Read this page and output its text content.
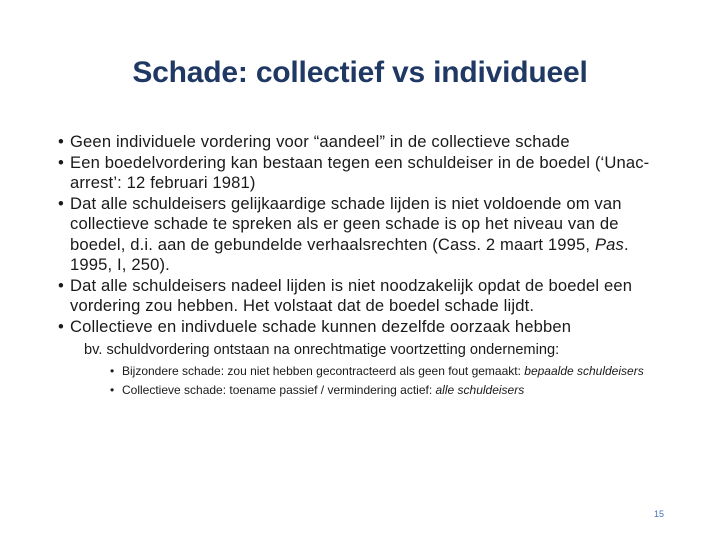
Schade: collectief vs individueel
• Geen individuele vordering voor “aandeel” in de collectieve schade
• Een boedelvordering kan bestaan tegen een schuldeiser in de boedel (‘Unac-arrest’: 12 februari 1981)
• Dat alle schuldeisers gelijkaardige schade lijden is niet voldoende om van collectieve schade te spreken als er geen schade is op het niveau van de boedel, d.i. aan de gebundelde verhaalsrechten (Cass. 2 maart 1995, Pas. 1995, I, 250).
• Dat alle schuldeisers nadeel lijden is niet noodzakelijk opdat de boedel een vordering zou hebben. Het volstaat dat de boedel schade lijdt.
• Collectieve en indivduele schade kunnen dezelfde oorzaak hebben
bv. schuldvordering ontstaan na onrechtmatige voortzetting onderneming:
• Bijzondere schade: zou niet hebben gecontracteerd als geen fout gemaakt: bepaalde schuldeisers
• Collectieve schade: toename passief / vermindering actief: alle schuldeisers
15
